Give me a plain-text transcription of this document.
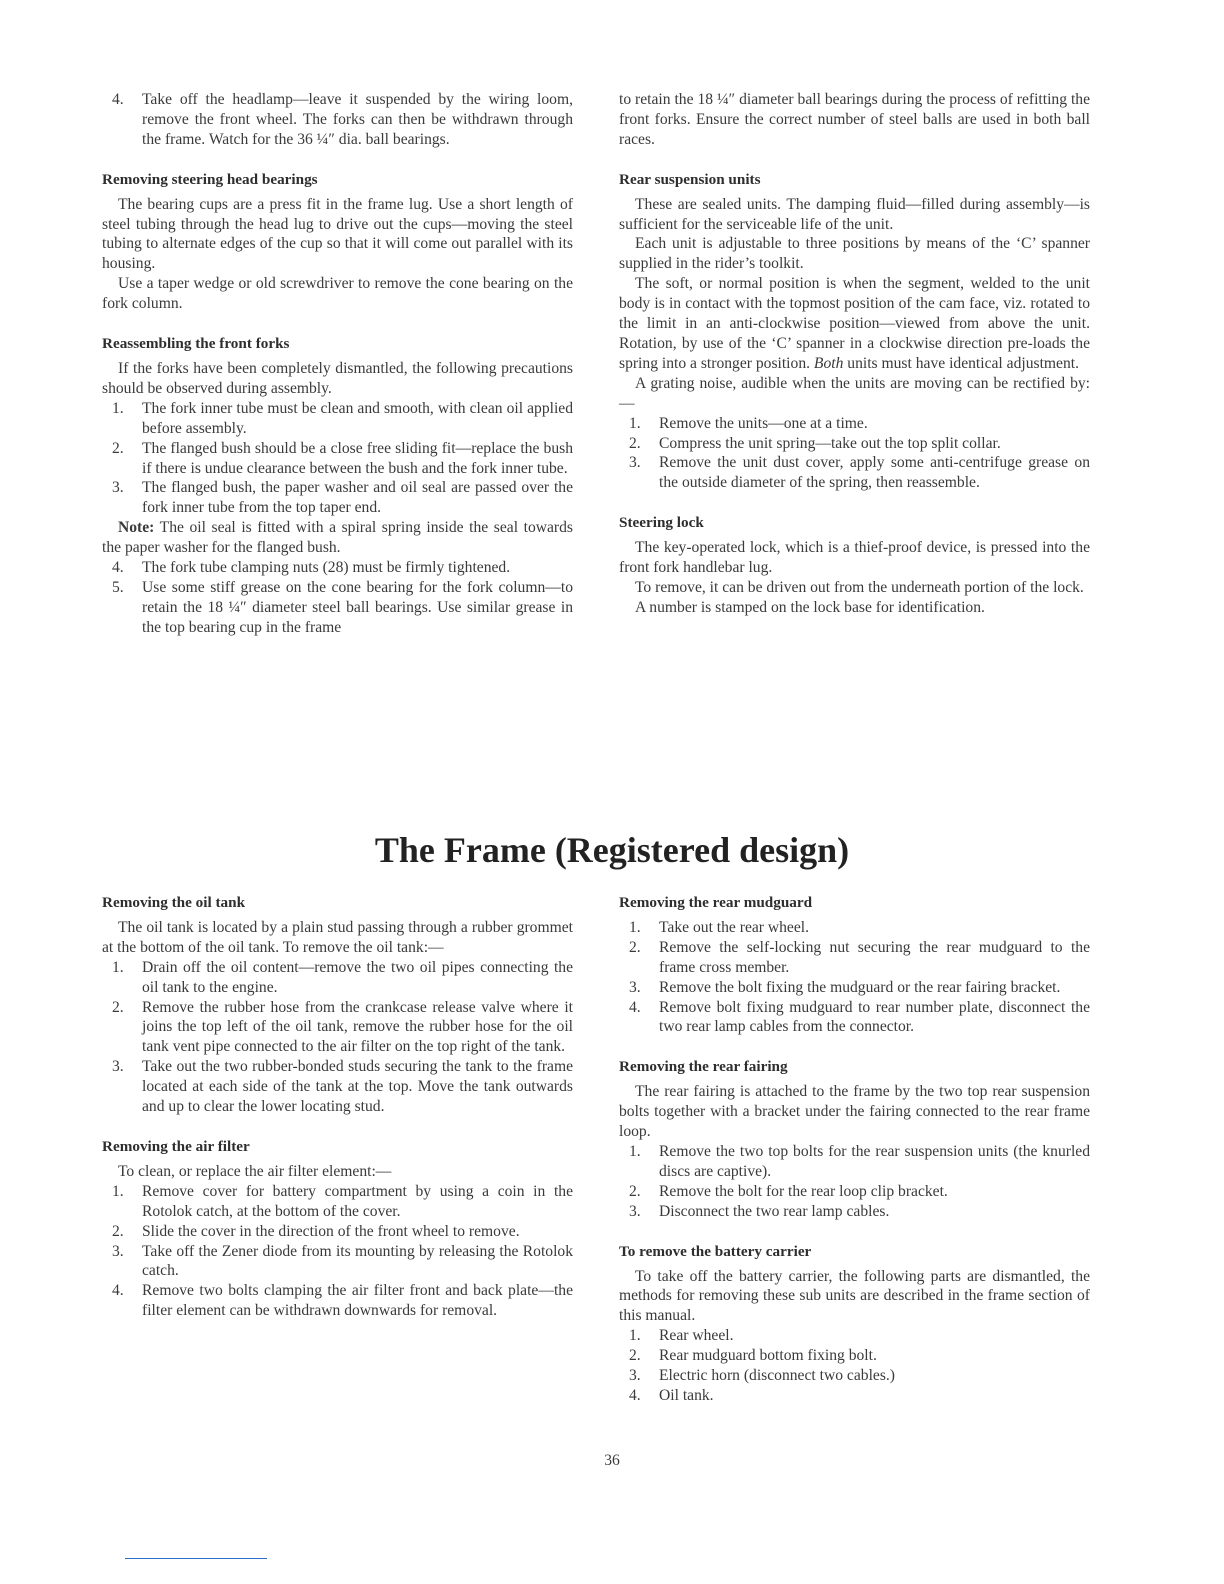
4. Take off the headlamp—leave it suspended by the wiring loom, remove the front wheel. The forks can then be withdrawn through the frame. Watch for the 36 ¼″ dia. ball bearings.

Removing steering head bearings

The bearing cups are a press fit in the frame lug. Use a short length of steel tubing through the head lug to drive out the cups—moving the steel tubing to alternate edges of the cup so that it will come out parallel with its housing.

Use a taper wedge or old screwdriver to remove the cone bearing on the fork column.

Reassembling the front forks

If the forks have been completely dismantled, the following precautions should be observed during assembly.

1. The fork inner tube must be clean and smooth, with clean oil applied before assembly.
2. The flanged bush should be a close free sliding fit—replace the bush if there is undue clearance between the bush and the fork inner tube.
3. The flanged bush, the paper washer and oil seal are passed over the fork inner tube from the top taper end.

Note: The oil seal is fitted with a spiral spring inside the seal towards the paper washer for the flanged bush.

4. The fork tube clamping nuts (28) must be firmly tightened.
5. Use some stiff grease on the cone bearing for the fork column—to retain the 18 ¼″ diameter steel ball bearings. Use similar grease in the top bearing cup in the frame

to retain the 18 ¼″ diameter ball bearings during the process of refitting the front forks. Ensure the correct number of steel balls are used in both ball races.

Rear suspension units

These are sealed units. The damping fluid—filled during assembly—is sufficient for the serviceable life of the unit.

Each unit is adjustable to three positions by means of the ‘C’ spanner supplied in the rider’s toolkit.

The soft, or normal position is when the segment, welded to the unit body is in contact with the topmost position of the cam face, viz. rotated to the limit in an anti-clockwise position—viewed from above the unit. Rotation, by use of the ‘C’ spanner in a clockwise direction pre-loads the spring into a stronger position. Both units must have identical adjustment.

A grating noise, audible when the units are moving can be rectified by:—

1. Remove the units—one at a time.
2. Compress the unit spring—take out the top split collar.
3. Remove the unit dust cover, apply some anti-centrifuge grease on the outside diameter of the spring, then reassemble.

Steering lock

The key-operated lock, which is a thief-proof device, is pressed into the front fork handlebar lug.

To remove, it can be driven out from the underneath portion of the lock.

A number is stamped on the lock base for identification.

The Frame (Registered design)

Removing the oil tank

The oil tank is located by a plain stud passing through a rubber grommet at the bottom of the oil tank. To remove the oil tank:—

1. Drain off the oil content—remove the two oil pipes connecting the oil tank to the engine.
2. Remove the rubber hose from the crankcase release valve where it joins the top left of the oil tank, remove the rubber hose for the oil tank vent pipe connected to the air filter on the top right of the tank.
3. Take out the two rubber-bonded studs securing the tank to the frame located at each side of the tank at the top. Move the tank outwards and up to clear the lower locating stud.

Removing the air filter

To clean, or replace the air filter element:—

1. Remove cover for battery compartment by using a coin in the Rotolok catch, at the bottom of the cover.
2. Slide the cover in the direction of the front wheel to remove.
3. Take off the Zener diode from its mounting by releasing the Rotolok catch.
4. Remove two bolts clamping the air filter front and back plate—the filter element can be withdrawn downwards for removal.

Removing the rear mudguard

1. Take out the rear wheel.
2. Remove the self-locking nut securing the rear mudguard to the frame cross member.
3. Remove the bolt fixing the mudguard or the rear fairing bracket.
4. Remove bolt fixing mudguard to rear number plate, disconnect the two rear lamp cables from the connector.

Removing the rear fairing

The rear fairing is attached to the frame by the two top rear suspension bolts together with a bracket under the fairing connected to the rear frame loop.

1. Remove the two top bolts for the rear suspension units (the knurled discs are captive).
2. Remove the bolt for the rear loop clip bracket.
3. Disconnect the two rear lamp cables.

To remove the battery carrier

To take off the battery carrier, the following parts are dismantled, the methods for removing these sub units are described in the frame section of this manual.

1. Rear wheel.
2. Rear mudguard bottom fixing bolt.
3. Electric horn (disconnect two cables.)
4. Oil tank.
36
